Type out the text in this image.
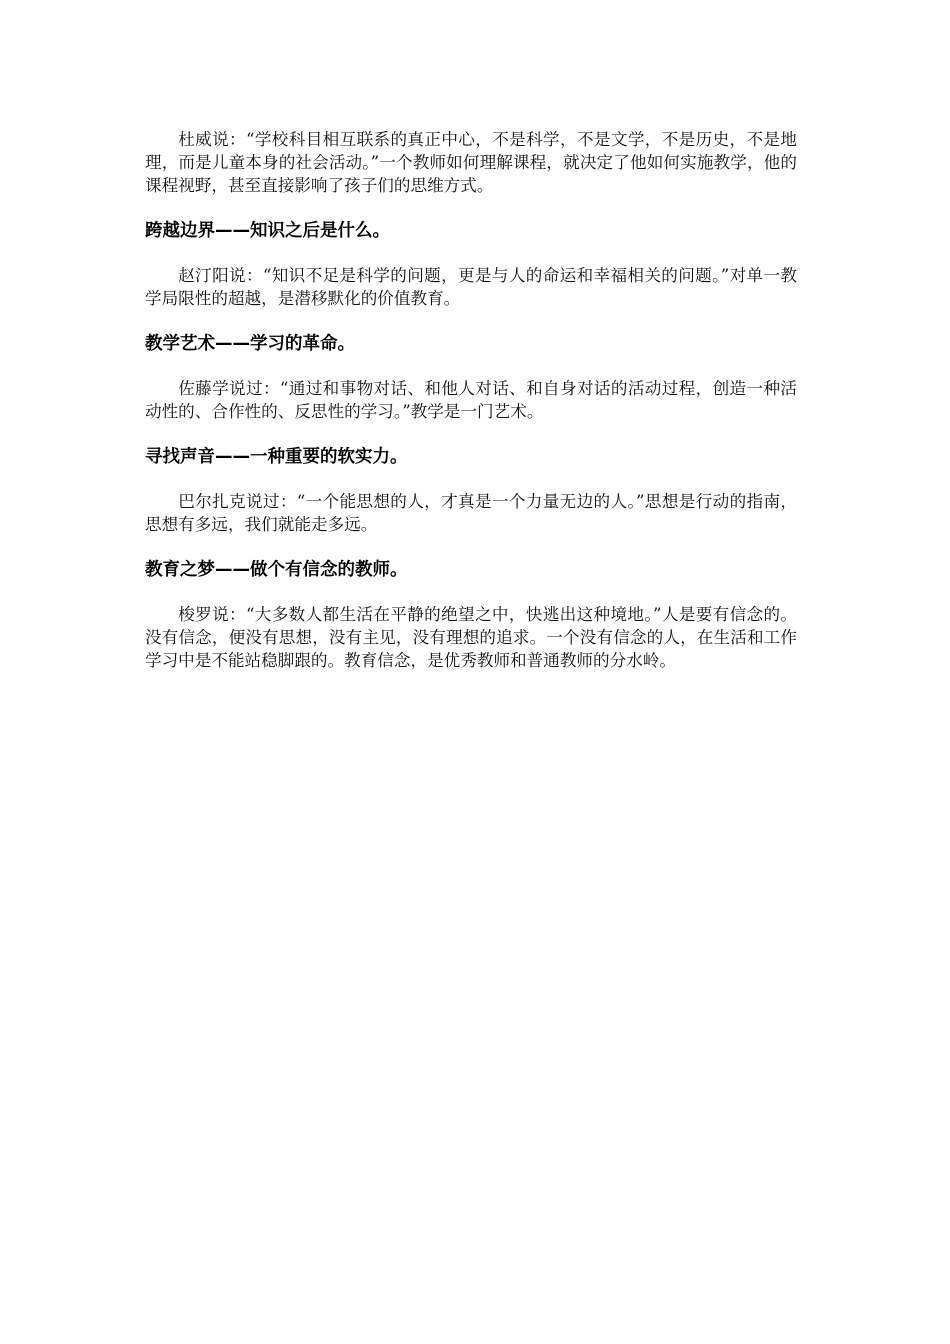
杜威说：“学校科目相互联系的真正中心，不是科学，不是文学，不是历史，不是地理，而是儿童本身的社会活动。”一个教师如何理解课程，就决定了他如何实施教学，他的课程视野，甚至直接影响了孩子们的思维方式。

跨越边界——知识之后是什么。

赵汀阳说：“知识不足是科学的问题，更是与人的命运和幸福相关的问题。”对单一教学局限性的超越，是潜移默化的价值教育。

教学艺术——学习的革命。

佐藤学说过：“通过和事物对话、和他人对话、和自身对话的活动过程，创造一种活动性的、合作性的、反思性的学习。”教学是一门艺术。

寻找声音——一种重要的软实力。

巴尔扎克说过：“一个能思想的人，才真是一个力量无边的人。”思想是行动的指南，思想有多远，我们就能走多远。

教育之梦——做个有信念的教师。

梭罗说：“大多数人都生活在平静的绝望之中，快逃出这种境地。”人是要有信念的。没有信念，便没有思想，没有主见，没有理想的追求。一个没有信念的人，在生活和工作学习中是不能站稳脚跟的。教育信念，是优秀教师和普通教师的分水岭。
